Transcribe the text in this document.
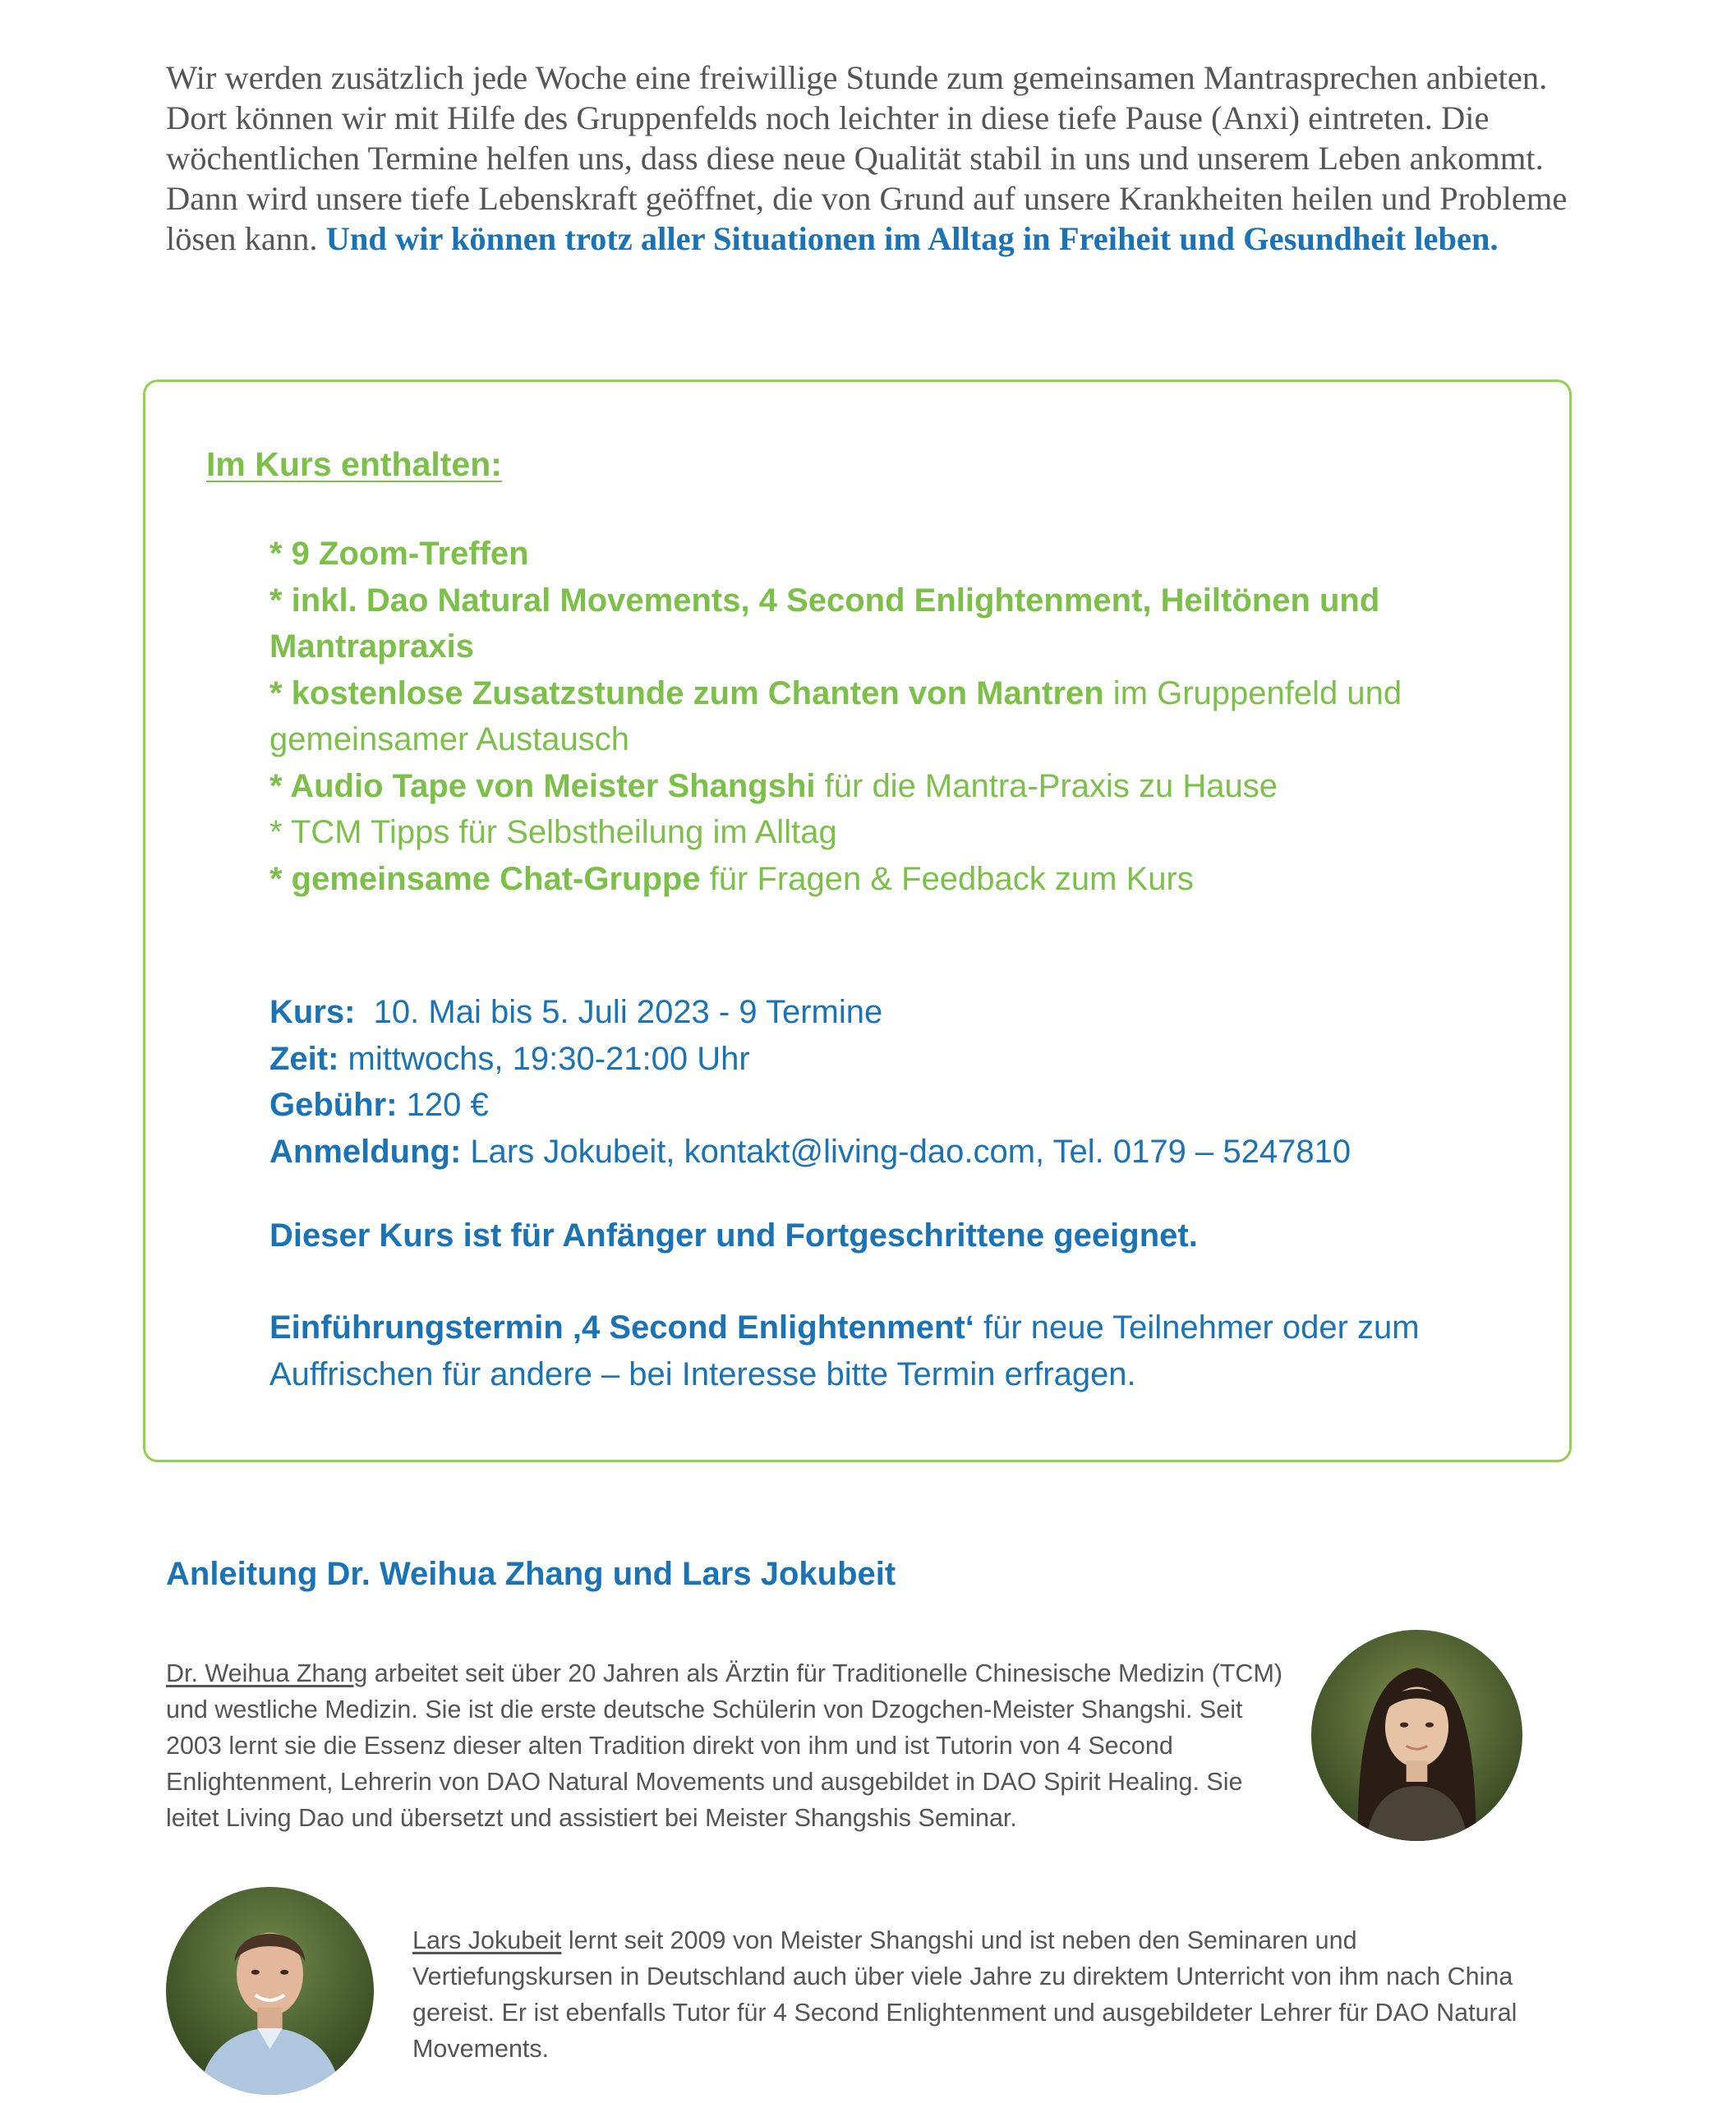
Wir werden zusätzlich jede Woche eine freiwillige Stunde zum gemeinsamen Mantrasprechen anbieten. Dort können wir mit Hilfe des Gruppenfelds noch leichter in diese tiefe Pause (Anxi) eintreten. Die wöchentlichen Termine helfen uns, dass diese neue Qualität stabil in uns und unserem Leben ankommt. Dann wird unsere tiefe Lebenskraft geöffnet, die von Grund auf unsere Krankheiten heilen und Probleme lösen kann. Und wir können trotz aller Situationen im Alltag in Freiheit und Gesundheit leben.

Im Kurs enthalten:
* 9 Zoom-Treffen
* inkl. Dao Natural Movements, 4 Second Enlightenment, Heiltönen und Mantrapraxis
* kostenlose Zusatzstunde zum Chanten von Mantren im Gruppenfeld und gemeinsamer Austausch
* Audio Tape von Meister Shangshi für die Mantra-Praxis zu Hause
* TCM Tipps für Selbstheilung im Alltag
* gemeinsame Chat-Gruppe für Fragen & Feedback zum Kurs
Kurs:  10. Mai bis 5. Juli 2023 - 9 Termine
Zeit: mittwochs, 19:30-21:00 Uhr
Gebühr: 120 €
Anmeldung: Lars Jokubeit, kontakt@living-dao.com, Tel. 0179 – 5247810
Dieser Kurs ist für Anfänger und Fortgeschrittene geeignet.
Einführungstermin ‚4 Second Enlightenment‘ für neue Teilnehmer oder zum Auffrischen für andere – bei Interesse bitte Termin erfragen.
Anleitung Dr. Weihua Zhang und Lars Jokubeit
Dr. Weihua Zhang arbeitet seit über 20 Jahren als Ärztin für Traditionelle Chinesische Medizin (TCM) und westliche Medizin. Sie ist die erste deutsche Schülerin von Dzogchen-Meister Shangshi. Seit 2003 lernt sie die Essenz dieser alten Tradition direkt von ihm und ist Tutorin von 4 Second Enlightenment, Lehrerin von DAO Natural Movements und ausgebildet in DAO Spirit Healing. Sie leitet Living Dao und übersetzt und assistiert bei Meister Shangshis Seminar.
Lars Jokubeit lernt seit 2009 von Meister Shangshi und ist neben den Seminaren und Vertiefungskursen in Deutschland auch über viele Jahre zu direktem Unterricht von ihm nach China gereist. Er ist ebenfalls Tutor für 4 Second Enlightenment und ausgebildeter Lehrer für DAO Natural Movements.
